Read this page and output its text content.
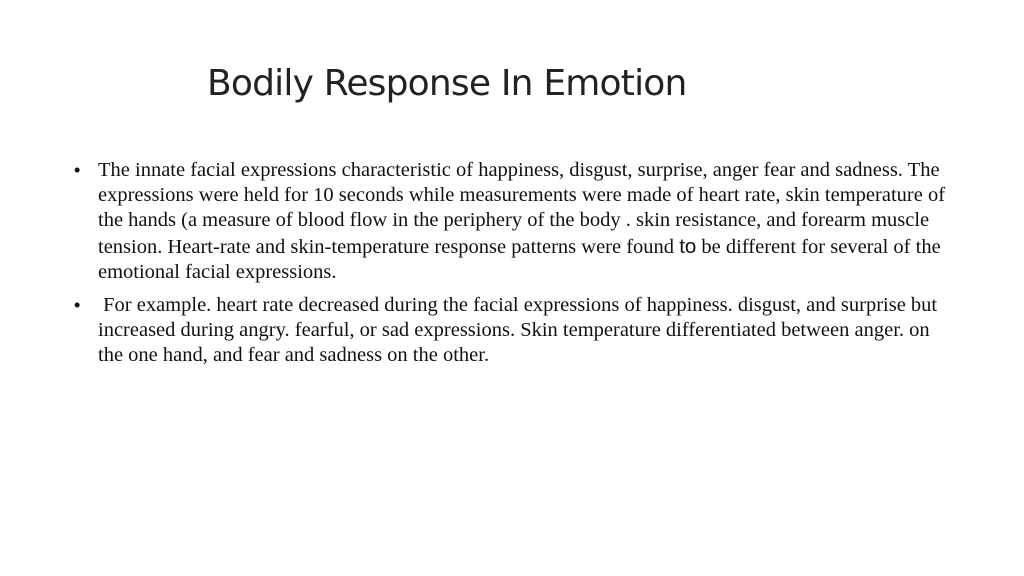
Bodily Response In Emotion
• The innate facial expressions characteristic of happiness, disgust, surprise, anger fear and sadness. The expressions were held for 10 seconds while measurements were made of heart rate, skin temperature of the hands (a measure of blood flow in the periphery of the body . skin resistance, and forearm muscle tension. Heart-rate and skin-temperature response patterns were found to be different for several of the emotional facial expressions.
• For example. heart rate decreased during the facial expressions of happiness. disgust, and surprise but increased during angry. fearful, or sad expressions. Skin temperature differentiated between anger. on the one hand, and fear and sadness on the other.
